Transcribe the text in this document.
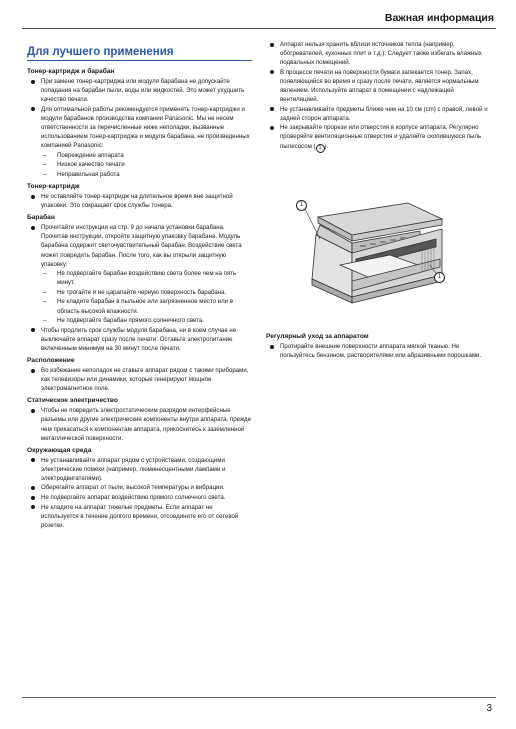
Важная информация
Для лучшего применения
Тонер-картридж и барабан
При замене тонер-картриджа или модуля барабана не допускайте попадания на барабан пыли, воды или жидкостей. Это может ухудшить качество печати.
Для оптимальной работы рекомендуется применять тонер-картриджи и модули барабанов производства компании Panasonic. Мы не несем ответственности за перечисленные ниже неполадки, вызванные использованием тонер-картриджа и модуля барабана, не произведенных компанией Panasonic:
– Повреждение аппарата
– Низкое качество печати
– Неправильная работа
Тонер-картридж
Не оставляйте тонер-картридж на длительное время вне защитной упаковки. Это сокращает срок службы тонера.
Барабан
Прочитайте инструкции на стр. 9 до начала установки барабана. Прочитав инструкции, откройте защитную упаковку барабана. Модуль барабана содержит светочувствительный барабан. Воздействие света может повредить барабан. После того, как вы открыли защитную упаковку:
– Не подвергайте барабан воздействию света более чем на пять минут.
– Не трогайте и не царапайте черную поверхность барабана.
– Не кладите барабан в пыльное или загрязненное место или в область высокой влажности.
– Не подвергайте барабан прямого солнечного света.
Чтобы продлить срок службы модуля барабана, ни в коем случае не выключайте аппарат сразу после печати. Оставьте электропитание включенным минимум на 30 минут после печати.
Расположение
Во избежание неполадок не ставьте аппарат рядом с такими приборами, как телевизоры или динамики, которые генерируют мощное электромагнитное поле.
Статическое электричество
Чтобы не повредить электростатическим разрядом интерфейсные разъемы или другие электрические компоненты внутри аппарата, прежде чем прикасаться к компонентам аппарата, прикоснитесь к заземленной металлической поверхности.
Окружающая среда
Не устанавливайте аппарат рядом с устройствами, создающими электрические помехи (например, люминесцентными лампами и электродвигателями).
Оберегайте аппарат от пыли, высокой температуры и вибрации.
Не подвергайте аппарат воздействию прямого солнечного света.
Не кладите на аппарат тяжелые предметы. Если аппарат не используется в течение долгого времени, отсоедините его от сетевой розетки.
Аппарат нельзя хранить вблизи источников тепла (например, обогревателей, кухонных плит и т.д.). Следует также избегать влажных подвальных помещений.
В процессе печати на поверхности бумаги запекается тонер. Запах, появляющийся во время и сразу после печати, является нормальным явлением. Используйте аппарат в помещении с надлежащей вентиляцией.
Не устанавливайте предметы ближе чем на 10 см (cm) с правой, левой и задней сторон аппарата.
Не закрывайте прорези или отверстия в корпусе аппарата. Регулярно проверяйте вентиляционные отверстия и удаляйте скопившуюся пыль пылесосом ( 1 ).
1
1
Регулярный уход за аппаратом
Протирайте внешние поверхности аппарата мягкой тканью. Не пользуйтесь бензином, растворителями или абразивными порошками.
3
